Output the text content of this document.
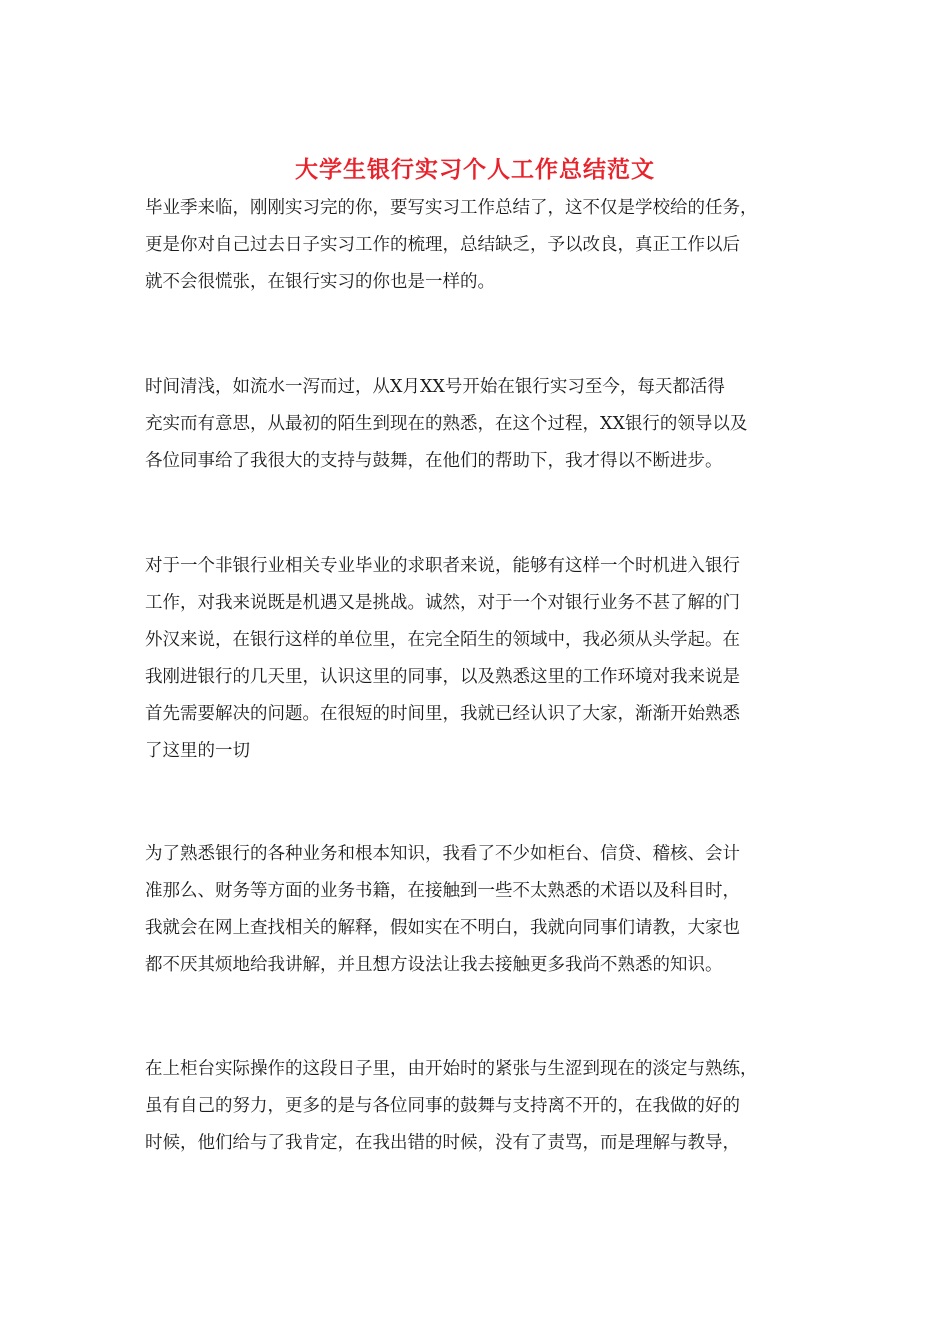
大学生银行实习个人工作总结范文
毕业季来临，刚刚实习完的你，要写实习工作总结了，这不仅是学校给的任务，
更是你对自己过去日子实习工作的梳理，总结缺乏，予以改良，真正工作以后
就不会很慌张，在银行实习的你也是一样的。
时间清浅，如流水一泻而过，从X月XX号开始在银行实习至今，每天都活得
充实而有意思，从最初的陌生到现在的熟悉，在这个过程，XX银行的领导以及
各位同事给了我很大的支持与鼓舞，在他们的帮助下，我才得以不断进步。
对于一个非银行业相关专业毕业的求职者来说，能够有这样一个时机进入银行
工作，对我来说既是机遇又是挑战。诚然，对于一个对银行业务不甚了解的门
外汉来说，在银行这样的单位里，在完全陌生的领域中，我必须从头学起。在
我刚进银行的几天里，认识这里的同事，以及熟悉这里的工作环境对我来说是
首先需要解决的问题。在很短的时间里，我就已经认识了大家，渐渐开始熟悉
了这里的一切
为了熟悉银行的各种业务和根本知识，我看了不少如柜台、信贷、稽核、会计
准那么、财务等方面的业务书籍，在接触到一些不太熟悉的术语以及科目时，
我就会在网上查找相关的解释，假如实在不明白，我就向同事们请教，大家也
都不厌其烦地给我讲解，并且想方设法让我去接触更多我尚不熟悉的知识。
在上柜台实际操作的这段日子里，由开始时的紧张与生涩到现在的淡定与熟练，
虽有自己的努力，更多的是与各位同事的鼓舞与支持离不开的，在我做的好的
时候，他们给与了我肯定，在我出错的时候，没有了责骂，而是理解与教导，
